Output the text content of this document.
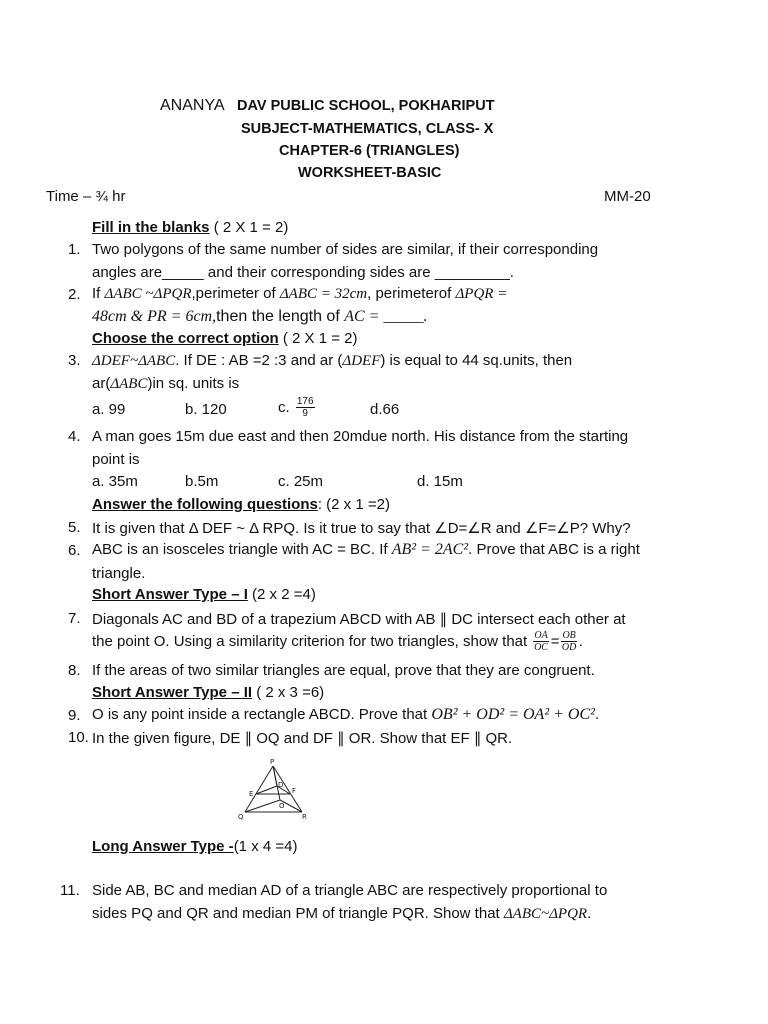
ANANYA DAV PUBLIC SCHOOL, POKHARIPUT
SUBJECT-MATHEMATICS, CLASS- X
CHAPTER-6 (TRIANGLES)
WORKSHEET-BASIC
Time – ¾ hr	MM-20
Fill in the blanks ( 2 X 1 = 2)
1. Two polygons of the same number of sides are similar, if their corresponding
angles are_____ and their corresponding sides are _________.
2. If ΔABC ~ΔPQR,perimeter of ΔABC = 32cm, perimeterof ΔPQR =
48cm & PR = 6cm,then the length of AC = _____.
Choose the correct option ( 2 X 1 = 2)
3. ΔDEF~ΔABC. If DE : AB =2 :3 and ar (ΔDEF) is equal to 44 sq.units, then
ar(ΔABC)in sq. units is
a. 99	b. 120	c. $\frac{176}{9}$	d.66
4. A man goes 15m due east and then 20mdue north. His distance from the starting
point is
a. 35m	b.5m	c. 25m	d. 15m
Answer the following questions: (2 x 1 =2)
5. It is given that Δ DEF ~ Δ RPQ. Is it true to say that ∠D=∠R and ∠F=∠P? Why?
6. ABC is an isosceles triangle with AC = BC. If AB² = 2AC². Prove that ABC is a right
triangle.
Short Answer Type – I (2 x 2 =4)
7. Diagonals AC and BD of a trapezium ABCD with AB ∥ DC intersect each other at
the point O. Using a similarity criterion for two triangles, show that $\frac{OA}{OC} = \frac{OB}{OD}$ .
8. If the areas of two similar triangles are equal, prove that they are congruent.
Short Answer Type – II ( 2 x 3 =6)
9. O is any point inside a rectangle ABCD. Prove that OB² + OD² = OA² + OC².
10. In the given figure, DE ∥ OQ and DF ∥ OR. Show that EF ∥ QR.
P
D
E	F
O
Q	R
Long Answer Type -(1 x 4 =4)
11. Side AB, BC and median AD of a triangle ABC are respectively proportional to
sides PQ and QR and median PM of triangle PQR. Show that ΔABC~ΔPQR.
